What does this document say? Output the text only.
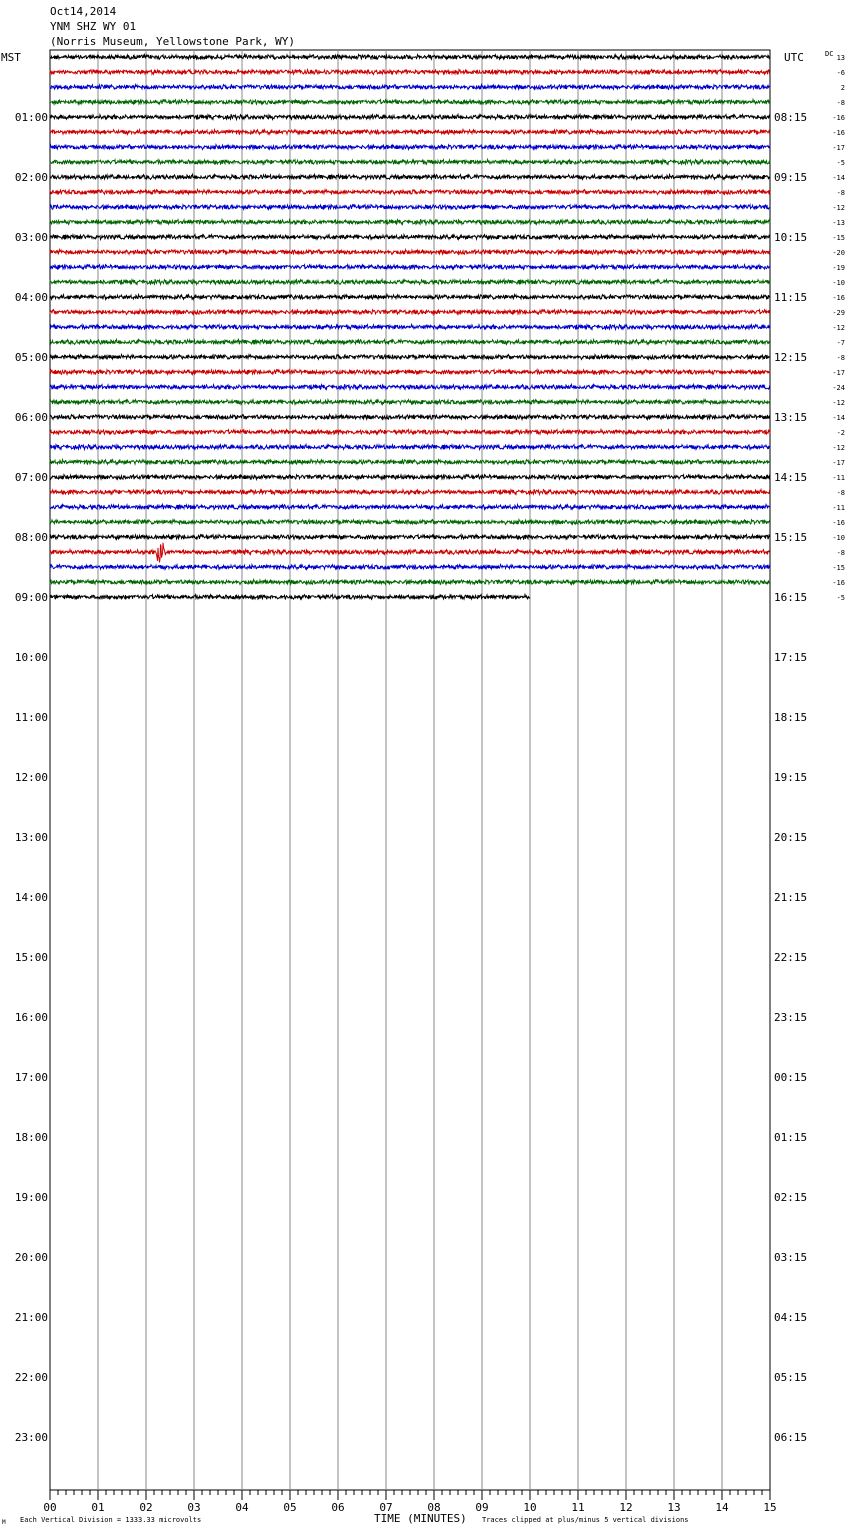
Oct14,2014
YNM SHZ WY 01
(Norris Museum, Yellowstone Park, WY)
MST	UTC	DC
00	01	02	03	04	05	06	07	08	09	10	11	12	13	14	15
01:00
02:00
03:00
04:00
05:00
06:00
07:00
08:00
09:00
10:00
11:00
12:00
13:00
14:00
15:00
16:00
17:00
18:00
19:00
20:00
21:00
22:00
23:00
08:15
09:15
10:15
11:15
12:15
13:15
14:15
15:15
16:15
17:15
18:15
19:15
20:15
21:15
22:15
23:15
00:15
01:15
02:15
03:15
04:15
05:15
06:15
13
-6
2
-8
-16
-16
-17
-5
-14
-8
-12
-13
-15
-20
-19
-10
-16
-29
-12
-7
-8
-17
-24
-12
-14
-2
-12
-17
-11
-8
-11
-16
-10
-8
-15
-16
-5
M Each Vertical Division = 1333.33 microvolts	TIME (MINUTES) Traces clipped at plus/minus 5 vertical divisions
